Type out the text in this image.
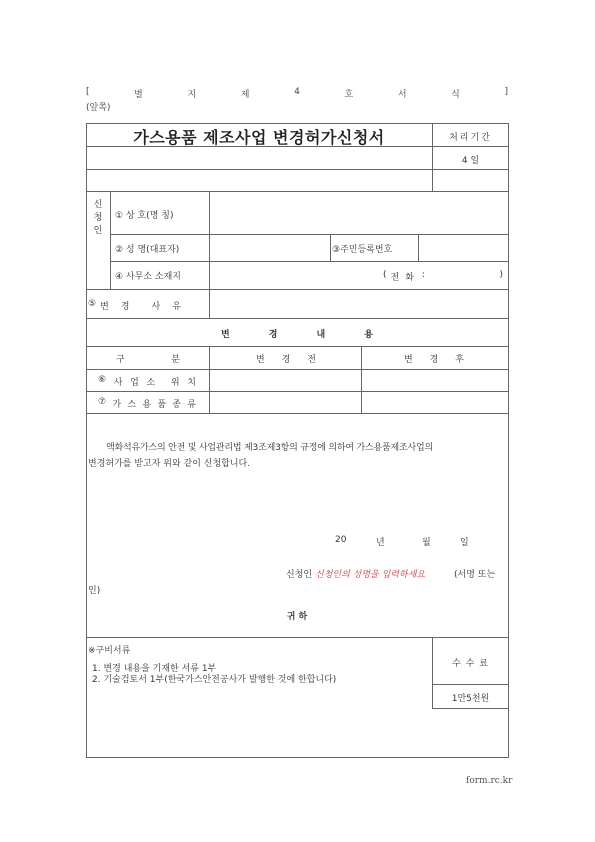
[	별	지	제	4	호	서	식	]
(앞쪽)
가스용품 제조사업 변경허가신청서	처리기간
4 일
신
청
인
① 상 호(명 칭)
② 성 명(대표자)	③주민등록번호
④ 사무소 소재지	( 전 화 :	)
⑤ 변 경 사 유
변	경	내	용
구	분	변 경 전	변 경 후
⑥ 사 업 소 위 치
⑦ 가 스 용 품 종 류
액화석유가스의 안전 및 사업관리법 제3조제3항의 규정에 의하여 가스용품제조사업의
변경허가를 받고자 위와 같이 신청합니다.
20	년	월	일
신청인 신청인의 성명을 입력하세요	(서명 또는
인)
귀 하
※구비서류
1. 변경 내용을 기재한 서류 1부
2. 기술검토서 1부(한국가스안전공사가 발행한 것에 한합니다)
수 수 료
1만5천원
form.rc.kr
